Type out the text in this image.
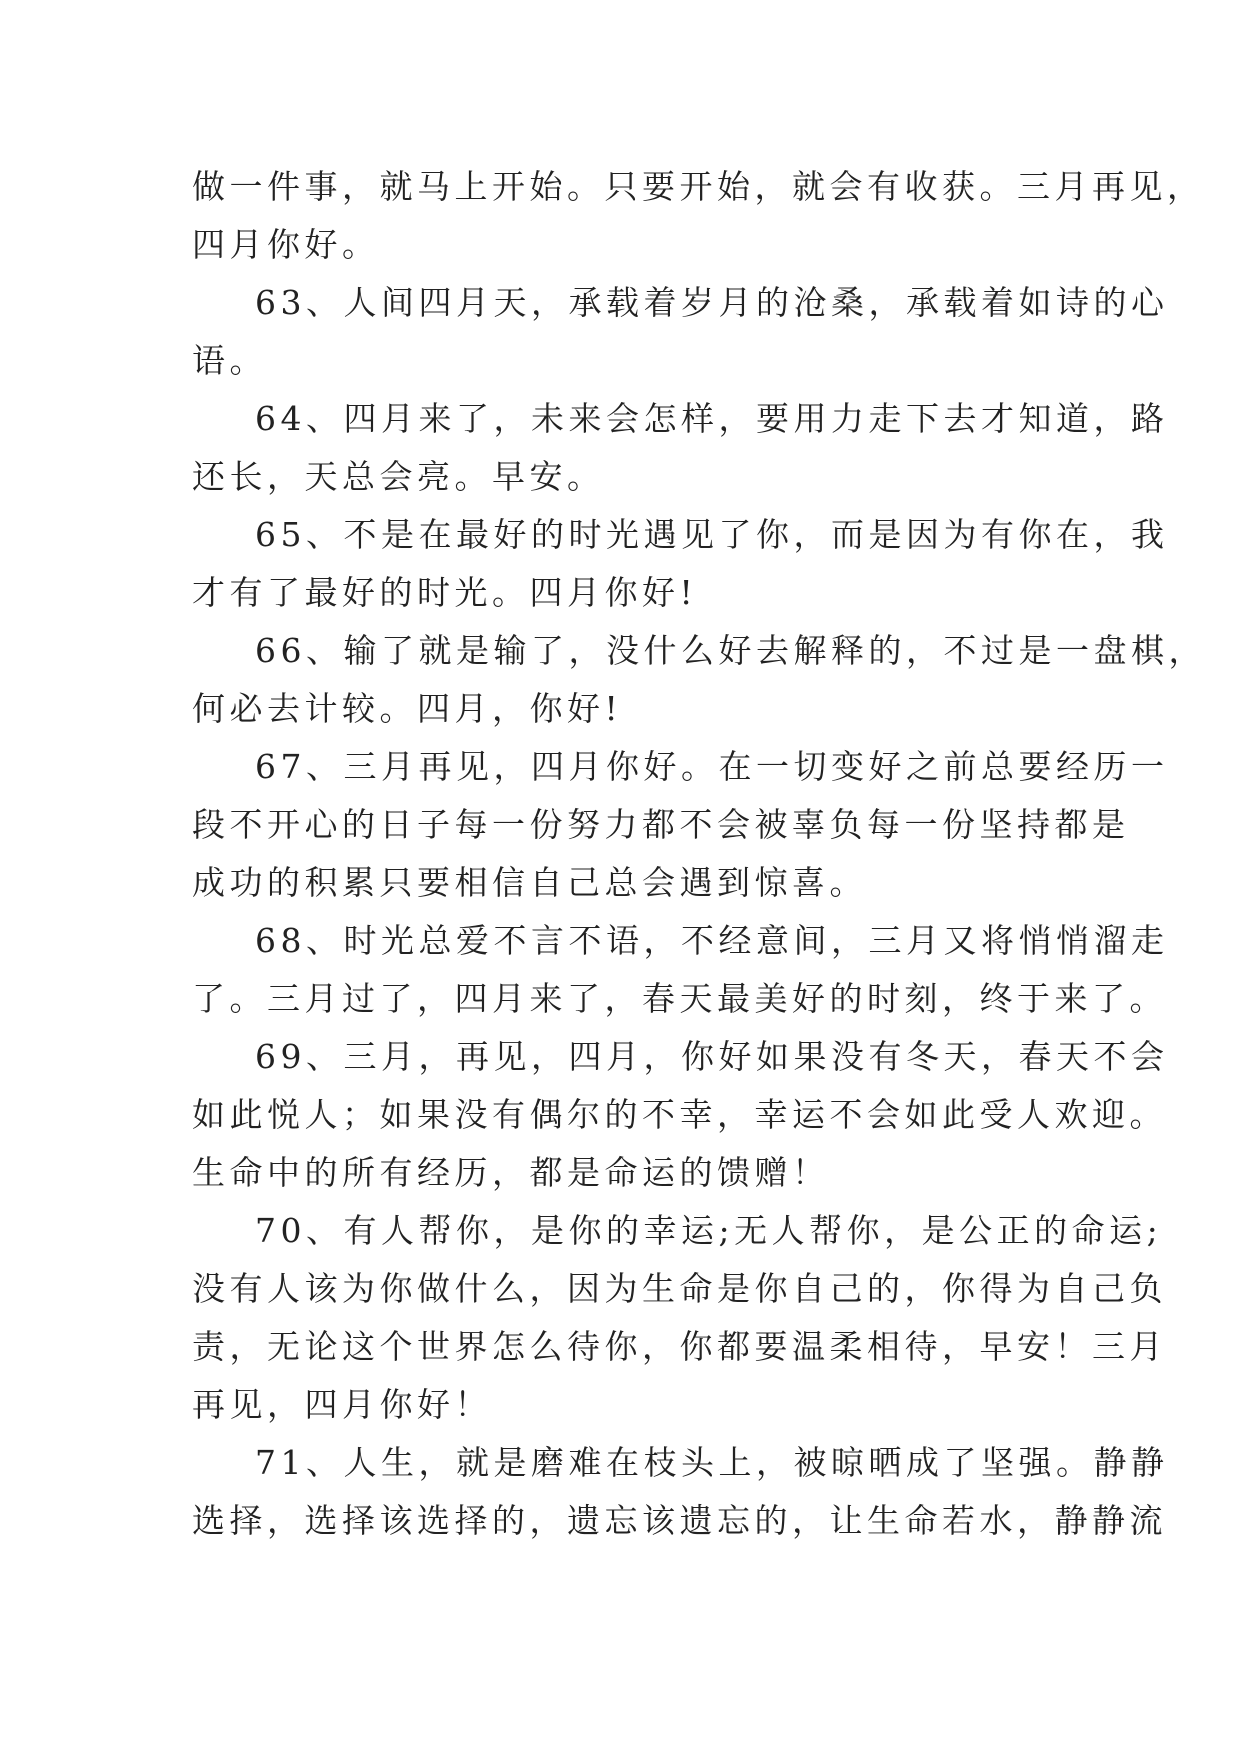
做一件事，就马上开始。只要开始，就会有收获。三月再见，
四月你好。
63、人间四月天，承载着岁月的沧桑，承载着如诗的心
语。
64、四月来了，未来会怎样，要用力走下去才知道，路
还长，天总会亮。早安。
65、不是在最好的时光遇见了你，而是因为有你在，我
才有了最好的时光。四月你好!
66、输了就是输了，没什么好去解释的，不过是一盘棋，
何必去计较。四月，你好!
67、三月再见，四月你好。在一切变好之前总要经历一
段不开心的日子每一份努力都不会被辜负每一份坚持都是
成功的积累只要相信自己总会遇到惊喜。
68、时光总爱不言不语，不经意间，三月又将悄悄溜走
了。三月过了，四月来了，春天最美好的时刻，终于来了。
69、三月，再见，四月，你好如果没有冬天，春天不会
如此悦人；如果没有偶尔的不幸，幸运不会如此受人欢迎。
生命中的所有经历，都是命运的馈赠！
70、有人帮你，是你的幸运;无人帮你，是公正的命运;
没有人该为你做什么，因为生命是你自己的，你得为自己负
责，无论这个世界怎么待你，你都要温柔相待，早安！三月
再见，四月你好！
71、人生，就是磨难在枝头上，被晾晒成了坚强。静静
选择，选择该选择的，遗忘该遗忘的，让生命若水，静静流
